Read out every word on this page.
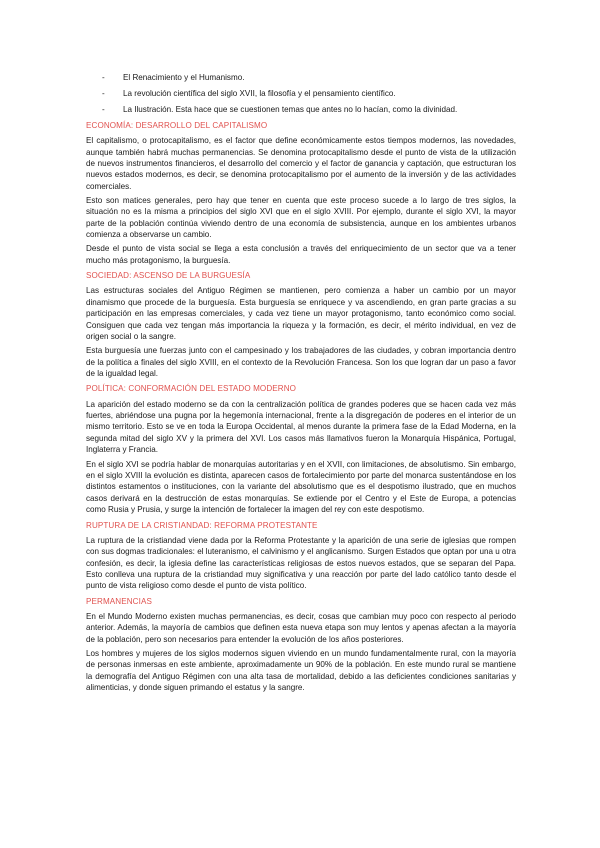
- El Renacimiento y el Humanismo.
- La revolución científica del siglo XVII, la filosofía y el pensamiento científico.
- La Ilustración. Esta hace que se cuestionen temas que antes no lo hacían, como la divinidad.
ECONOMÍA: DESARROLLO DEL CAPITALISMO

El capitalismo, o protocapitalismo, es el factor que define económicamente estos tiempos modernos, las novedades, aunque también habrá muchas permanencias. Se denomina protocapitalismo desde el punto de vista de la utilización de nuevos instrumentos financieros, el desarrollo del comercio y el factor de ganancia y captación, que estructuran los nuevos estados modernos, es decir, se denomina protocapitalismo por el aumento de la inversión y de las actividades comerciales.

Esto son matices generales, pero hay que tener en cuenta que este proceso sucede a lo largo de tres siglos, la situación no es la misma a principios del siglo XVI que en el siglo XVIII. Por ejemplo, durante el siglo XVI, la mayor parte de la población continúa viviendo dentro de una economía de subsistencia, aunque en los ambientes urbanos comienza a observarse un cambio.

Desde el punto de vista social se llega a esta conclusión a través del enriquecimiento de un sector que va a tener mucho más protagonismo, la burguesía.

SOCIEDAD: ASCENSO DE LA BURGUESÍA

Las estructuras sociales del Antiguo Régimen se mantienen, pero comienza a haber un cambio por un mayor dinamismo que procede de la burguesía. Esta burguesía se enriquece y va ascendiendo, en gran parte gracias a su participación en las empresas comerciales, y cada vez tiene un mayor protagonismo, tanto económico como social. Consiguen que cada vez tengan más importancia la riqueza y la formación, es decir, el mérito individual, en vez de origen social o la sangre.

Esta burguesía une fuerzas junto con el campesinado y los trabajadores de las ciudades, y cobran importancia dentro de la política a finales del siglo XVIII, en el contexto de la Revolución Francesa. Son los que logran dar un paso a favor de la igualdad legal.

POLÍTICA: CONFORMACIÓN DEL ESTADO MODERNO

La aparición del estado moderno se da con la centralización política de grandes poderes que se hacen cada vez más fuertes, abriéndose una pugna por la hegemonía internacional, frente a la disgregación de poderes en el interior de un mismo territorio. Esto se ve en toda la Europa Occidental, al menos durante la primera fase de la Edad Moderna, en la segunda mitad del siglo XV y la primera del XVI. Los casos más llamativos fueron la Monarquía Hispánica, Portugal, Inglaterra y Francia.

En el siglo XVI se podría hablar de monarquías autoritarias y en el XVII, con limitaciones, de absolutismo. Sin embargo, en el siglo XVIII la evolución es distinta, aparecen casos de fortalecimiento por parte del monarca sustentándose en los distintos estamentos o instituciones, con la variante del absolutismo que es el despotismo ilustrado, que en muchos casos derivará en la destrucción de estas monarquías. Se extiende por el Centro y el Este de Europa, a potencias como Rusia y Prusia, y surge la intención de fortalecer la imagen del rey con este despotismo.

RUPTURA DE LA CRISTIANDAD: REFORMA PROTESTANTE

La ruptura de la cristiandad viene dada por la Reforma Protestante y la aparición de una serie de iglesias que rompen con sus dogmas tradicionales: el luteranismo, el calvinismo y el anglicanismo. Surgen Estados que optan por una u otra confesión, es decir, la iglesia define las características religiosas de estos nuevos estados, que se separan del Papa. Esto conlleva una ruptura de la cristiandad muy significativa y una reacción por parte del lado católico tanto desde el punto de vista religioso como desde el punto de vista político.

PERMANENCIAS

En el Mundo Moderno existen muchas permanencias, es decir, cosas que cambian muy poco con respecto al periodo anterior. Además, la mayoría de cambios que definen esta nueva etapa son muy lentos y apenas afectan a la mayoría de la población, pero son necesarios para entender la evolución de los años posteriores.

Los hombres y mujeres de los siglos modernos siguen viviendo en un mundo fundamentalmente rural, con la mayoría de personas inmersas en este ambiente, aproximadamente un 90% de la población. En este mundo rural se mantiene la demografía del Antiguo Régimen con una alta tasa de mortalidad, debido a las deficientes condiciones sanitarias y alimenticias, y donde siguen primando el estatus y la sangre.
